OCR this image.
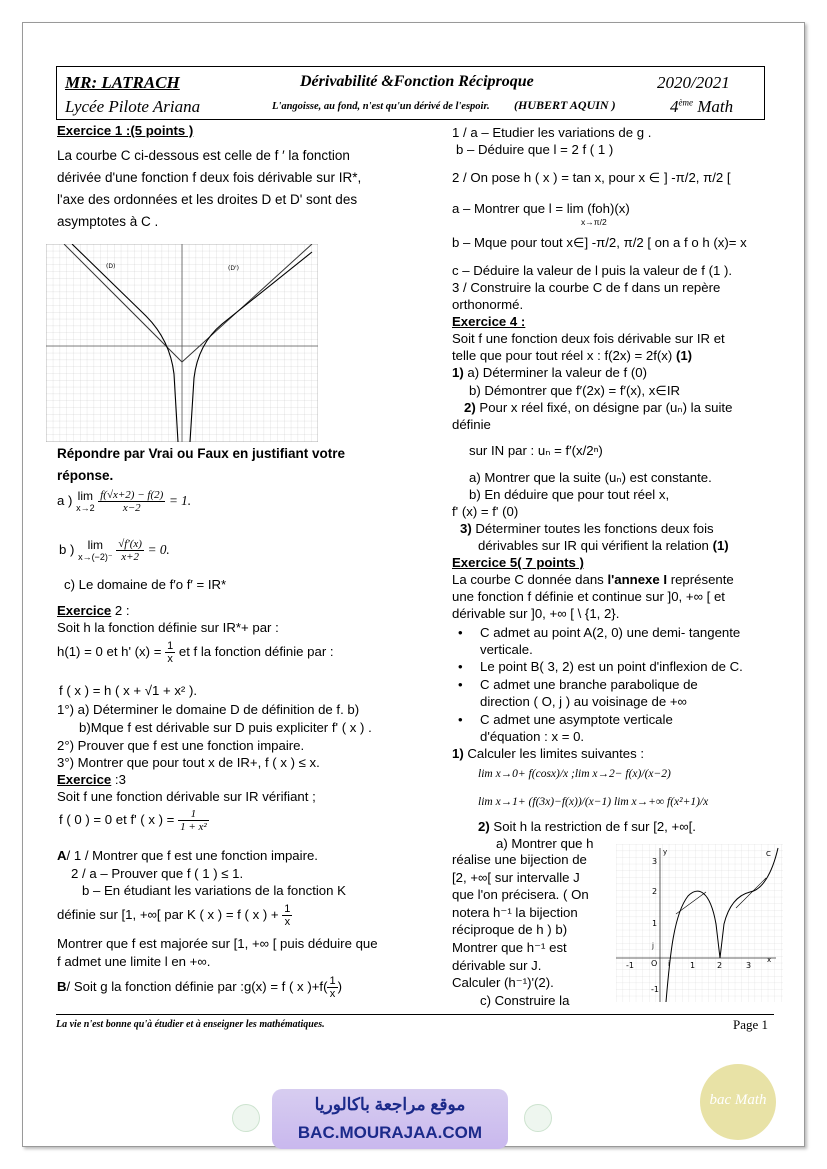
MR: LATRACH	Dérivabilité &Fonction Réciproque	2020/2021
Lycée Pilote Ariana	L'angoisse, au fond, n'est qu'un dérivé de l'espoir. (HUBERT AQUIN )	4ème Math
Exercice 1 :(5 points )
La courbe C ci-dessous est celle de f ′ la fonction
dérivée d'une fonction f deux fois dérivable sur IR*,
l'axe des ordonnées et les droites D et D' sont des
asymptotes à C .
(D)	(D')
Répondre par Vrai ou Faux en justifiant votre
réponse.
a ) lim
x→2
$\frac{f(√x+2) - f(2)}{x-2} = 1$.
b )	lim
x→(−2)⁻
$\frac{√f'(x)}{x+2} = 0$.
c) Le domaine de f′o f′ = IR*
Exercice 2 :
Soit h la fonction définie sur IR*+ par :
h(1) = 0 et h' $(x) = \frac{1}{x}$ et f la fonction définie par :
f ( x ) = h ( x + √1 + x² ).
1°) a) Déterminer le domaine D de définition de f. b)
b)Mque f est dérivable sur D puis expliciter f' ( x ) .
2°) Prouver que f est une fonction impaire.
3°) Montrer que pour tout x de IR+, f ( x ) ≤ x.
Exercice :3
Soit f une fonction dérivable sur IR vérifiant ;
f ( 0 ) = 0 et f' ( x ) = $\frac{1}{\text{1 + x²}}$
A/ 1 / Montrer que f est une fonction impaire.
2 / a – Prouver que f ( 1 ) ≤ 1.
b – En étudiant les variations de la fonction K
définie sur [1, +∞[ par K ( x ) = f ( x ) + $\frac{1}{x}$
Montrer que f est majorée sur [1, +∞ [ puis déduire que
f admet une limite l en +∞.
B/ Soit g la fonction définie par :g(x) = f ( x )$+f( \frac{1}{x}$ )
1 / a – Etudier les variations de g .
b – Déduire que l = 2 f ( 1 )
2 / On pose h ( x ) = tan x, pour x ∈ ] -π/2, π/2 [
a – Montrer que l = lim (foh)(x)
x→π/2
b – Mque pour tout x∈] -π/2, π/2 [ on a f o h (x)= x
c – Déduire la valeur de l puis la valeur de f (1 ).
3 / Construire la courbe C de f dans un repère
orthonormé.
Exercice 4 :
Soit f une fonction deux fois dérivable sur IR et
telle que pour tout réel x : f(2x) = 2f(x) (1)
1) a) Déterminer la valeur de f (0)
b) Démontrer que f′(2x) = f′(x), x∈IR
2) Pour x réel fixé, on désigne par (uₙ) la suite
définie
sur IN par : uₙ = f′(x/2ⁿ)
a) Montrer que la suite (uₙ) est constante.
b) En déduire que pour tout réel x,
f' (x) = f' (0)
3) Déterminer toutes les fonctions deux fois
dérivables sur IR qui vérifient la relation (1)
Exercice 5( 7 points )
La courbe C donnée dans l'annexe I représente
une fonction f définie et continue sur ]0, +∞ [ et
dérivable sur ]0, +∞ [ \ {1, 2}.
• C admet au point A(2, 0) une demi- tangente
verticale.
• Le point B( 3, 2) est un point d'inflexion de C.
• C admet une branche parabolique de
direction ( O, j ) au voisinage de +∞
• C admet une asymptote verticale
d'équation : x = 0.
1) Calculer les limites suivantes :
lim x→0+ f(cosx)/x ;lim x→2− f(x)/(x−2)
lim x→1+ (f(3x)−f(x))/(x−1) lim x→+∞ f(x²+1)/x
2) Soit h la restriction de f sur [2, +∞[.
a) Montrer que h
réalise une bijection de
[2, +∞[ sur intervalle J
que l'on précisera. ( On
notera h⁻¹ la bijection
réciproque de h ) b)
Montrer que h⁻¹ est
dérivable sur J.
Calculer (h⁻¹)'(2).
c) Construire la
3
2
1
-1 O i
j
1	2	3
x
y
-1
C
La vie n'est bonne qu'à étudier et à enseigner les mathématiques.	Page 1
موقع مراجعة باكالوريا
BAC.MOURAJAA.COM
bac Math
